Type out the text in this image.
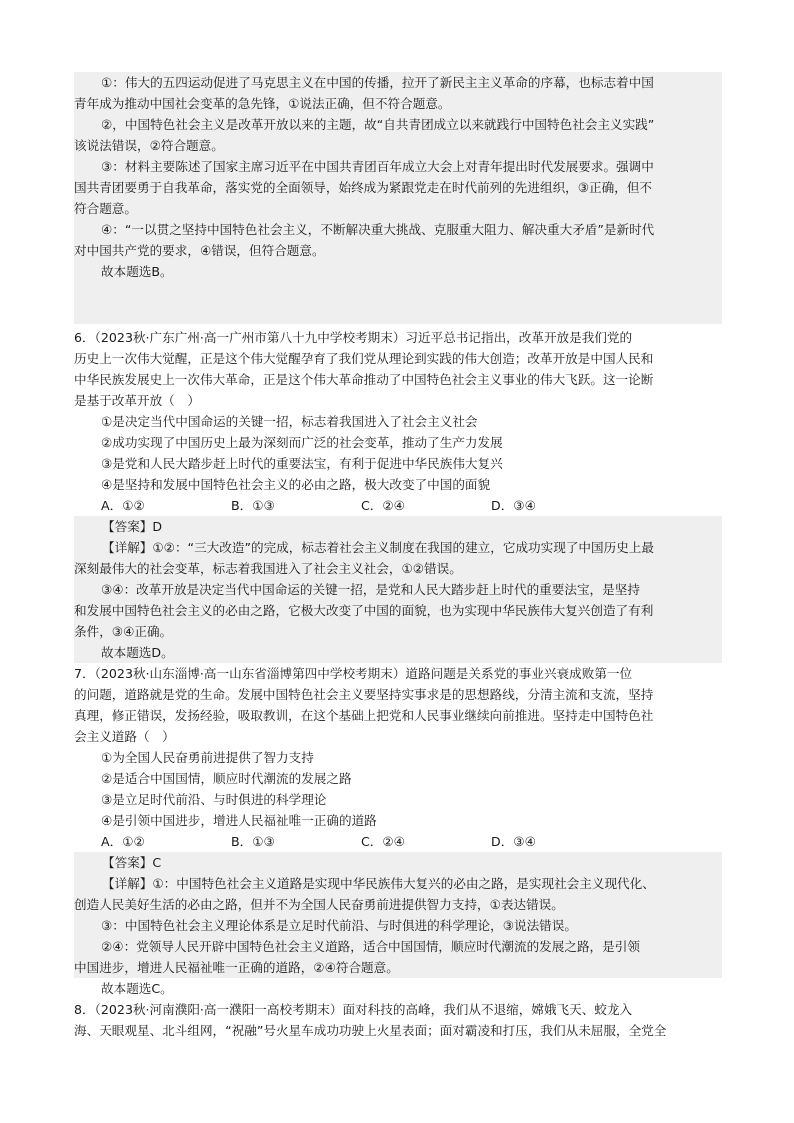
①：伟大的五四运动促进了马克思主义在中国的传播，拉开了新民主主义革命的序幕，也标志着中国
青年成为推动中国社会变革的急先锋，①说法正确，但不符合题意。
②，中国特色社会主义是改革开放以来的主题，故“自共青团成立以来就践行中国特色社会主义实践”
该说法错误，②符合题意。
③：材料主要陈述了国家主席习近平在中国共青团百年成立大会上对青年提出时代发展要求。强调中
国共青团要勇于自我革命，落实党的全面领导，始终成为紧跟党走在时代前列的先进组织，③正确，但不
符合题意。
④：“一以贯之坚持中国特色社会主义，不断解决重大挑战、克服重大阻力、解决重大矛盾”是新时代
对中国共产党的要求，④错误，但符合题意。
故本题选B。
6．（2023秋·广东广州·高一广州市第八十九中学校考期末）习近平总书记指出，改革开放是我们党的
历史上一次伟大觉醒，正是这个伟大觉醒孕育了我们党从理论到实践的伟大创造；改革开放是中国人民和
中华民族发展史上一次伟大革命，正是这个伟大革命推动了中国特色社会主义事业的伟大飞跃。这一论断
是基于改革开放（　）
①是决定当代中国命运的关键一招，标志着我国进入了社会主义社会
②成功实现了中国历史上最为深刻而广泛的社会变革，推动了生产力发展
③是党和人民大踏步赶上时代的重要法宝，有利于促进中华民族伟大复兴
④是坚持和发展中国特色社会主义的必由之路，极大改变了中国的面貌
A．①②	B．①③	C．②④	D．③④
【答案】D
【详解】①②：“三大改造”的完成，标志着社会主义制度在我国的建立，它成功实现了中国历史上最
深刻最伟大的社会变革，标志着我国进入了社会主义社会，①②错误。
③④：改革开放是决定当代中国命运的关键一招，是党和人民大踏步赶上时代的重要法宝，是坚持
和发展中国特色社会主义的必由之路，它极大改变了中国的面貌，也为实现中华民族伟大复兴创造了有利
条件，③④正确。
故本题选D。
7．（2023秋·山东淄博·高一山东省淄博第四中学校考期末）道路问题是关系党的事业兴衰成败第一位
的问题，道路就是党的生命。发展中国特色社会主义要坚持实事求是的思想路线，分清主流和支流，坚持
真理，修正错误，发扬经验，吸取教训，在这个基础上把党和人民事业继续向前推进。坚持走中国特色社
会主义道路（　）
①为全国人民奋勇前进提供了智力支持
②是适合中国国情，顺应时代潮流的发展之路
③是立足时代前沿、与时俱进的科学理论
④是引领中国进步，增进人民福祉唯一正确的道路
A．①②	B．①③	C．②④	D．③④
【答案】C
【详解】①：中国特色社会主义道路是实现中华民族伟大复兴的必由之路，是实现社会主义现代化、
创造人民美好生活的必由之路，但并不为全国人民奋勇前进提供智力支持，①表达错误。
③：中国特色社会主义理论体系是立足时代前沿、与时俱进的科学理论，③说法错误。
②④：党领导人民开辟中国特色社会主义道路，适合中国国情，顺应时代潮流的发展之路，是引领
中国进步，增进人民福祉唯一正确的道路，②④符合题意。
故本题选C。
8．（2023秋·河南濮阳·高一濮阳一高校考期末）面对科技的高峰，我们从不退缩，嫦娥飞天、蛟龙入
海、天眼观星、北斗组网，“祝融”号火星车成功功驶上火星表面；面对霸凌和打压，我们从未屈服，全党全
